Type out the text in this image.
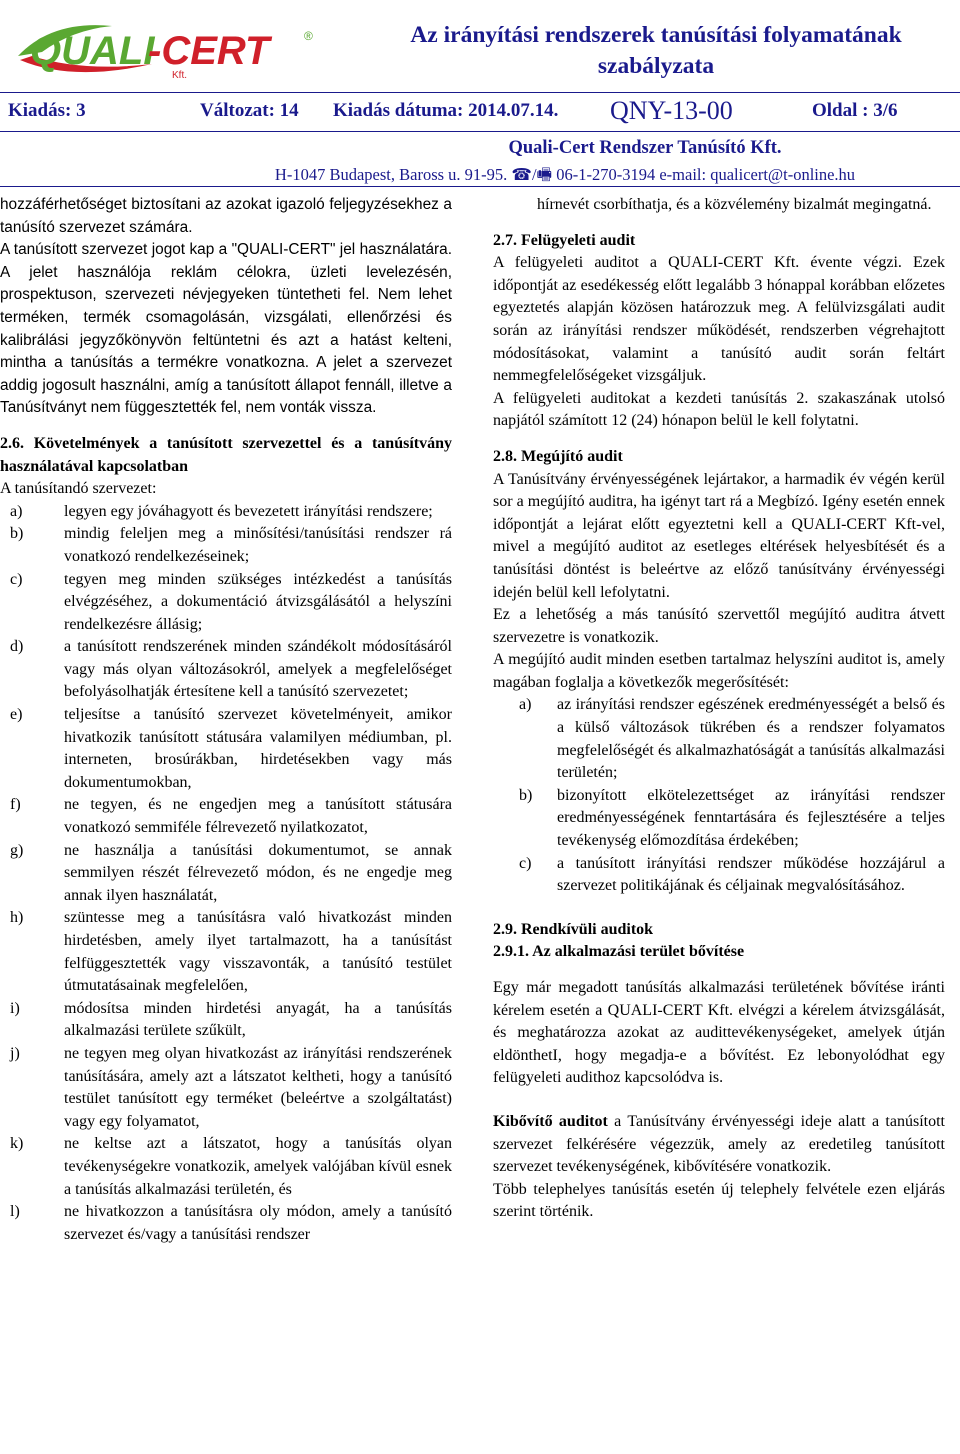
QUALI
-CERT	®
Kft.
Az irányítási rendszerek tanúsítási folyamatának szabályzata
Kiadás: 3	Változat: 14 Kiadás dátuma: 2014.07.14. QNY-13-00	Oldal : 3/6
Quali-Cert Rendszer Tanúsító Kft.
H-1047 Budapest, Baross u. 91-95. ☎/🖷 06-1-270-3194 e-mail: qualicert@t-online.hu

hozzáférhetőséget biztosítani az azokat igazoló feljegyzésekhez a tanúsító szervezet számára.

A tanúsított szervezet jogot kap a "QUALI-CERT" jel használatára. A jelet használója reklám célokra, üzleti levelezésén, prospektuson, szervezeti névjegyeken tüntetheti fel. Nem lehet terméken, termék csomagolásán, vizsgálati, ellenőrzési és kalibrálási jegyzőkönyvön feltüntetni és azt a hatást kelteni, mintha a tanúsítás a termékre vonatkozna. A jelet a szervezet addig jogosult használni, amíg a tanúsított állapot fennáll, illetve a Tanúsítványt nem függesztették fel, nem vonták vissza.

2.6. Követelmények a tanúsított szervezettel és a tanúsítvány használatával kapcsolatban

A tanúsítandó szervezet:

a)	legyen egy jóváhagyott és bevezetett irányítási rendszere;
b)	mindig feleljen meg a minősítési/tanúsítási rendszer rá vonatkozó rendelkezéseinek;
c)	tegyen meg minden szükséges intézkedést a tanúsítás elvégzéséhez, a dokumentáció átvizsgálásától a helyszíni rendelkezésre állásig;
d)	a tanúsított rendszerének minden szándékolt módosításáról vagy más olyan változásokról, amelyek a megfelelőséget befolyásolhatják értesítene kell a tanúsító szervezetet;
e)	teljesítse a tanúsító szervezet követelményeit, amikor hivatkozik tanúsított státusára valamilyen médiumban, pl. interneten, brosúrákban, hirdetésekben vagy más dokumentumokban,
f)	ne tegyen, és ne engedjen meg a tanúsított státusára vonatkozó semmiféle félrevezető nyilatkozatot,
g)	ne használja a tanúsítási dokumentumot, se annak semmilyen részét félrevezető módon, és ne engedje meg annak ilyen használatát,
h)	szüntesse meg a tanúsításra való hivatkozást minden hirdetésben, amely ilyet tartalmazott, ha a tanúsítást felfüggesztették vagy visszavonták, a tanúsító testület útmutatásainak megfelelően,
i)	módosítsa minden hirdetési anyagát, ha a tanúsítás alkalmazási területe szűkült,
j)	ne tegyen meg olyan hivatkozást az irányítási rendszerének tanúsítására, amely azt a látszatot keltheti, hogy a tanúsító testület tanúsított egy terméket (beleértve a szolgáltatást) vagy egy folyamatot,
k)	ne keltse azt a látszatot, hogy a tanúsítás olyan tevékenységekre vonatkozik, amelyek valójában kívül esnek a tanúsítás alkalmazási területén, és
l)	ne hivatkozzon a tanúsításra oly módon, amely a tanúsító szervezet és/vagy a tanúsítási rendszer

hírnevét csorbíthatja, és a közvélemény bizalmát megingatná.

2.7. Felügyeleti audit

A felügyeleti auditot a QUALI-CERT Kft. évente végzi. Ezek időpontját az esedékesség előtt legalább 3 hónappal korábban előzetes egyeztetés alapján közösen határozzuk meg. A felülvizsgálati audit során az irányítási rendszer működését, rendszerben végrehajtott módosításokat, valamint a tanúsító audit során feltárt nemmegfelelőségeket vizsgáljuk.

A felügyeleti auditokat a kezdeti tanúsítás 2. szakaszának utolsó napjától számított 12 (24) hónapon belül le kell folytatni.

2.8. Megújító audit

A Tanúsítvány érvényességének lejártakor, a harmadik év végén kerül sor a megújító auditra, ha igényt tart rá a Megbízó. Igény esetén ennek időpontját a lejárat előtt egyeztetni kell a QUALI-CERT Kft-vel, mivel a megújító auditot az esetleges eltérések helyesbítését és a tanúsítási döntést is beleértve az előző tanúsítvány érvényességi idején belül kell lefolytatni.

Ez a lehetőség a más tanúsító szervettől megújító auditra átvett szervezetre is vonatkozik.

A megújító audit minden esetben tartalmaz helyszíni auditot is, amely magában foglalja a következők megerősítését:

a)	az irányítási rendszer egészének eredményességét a belső és a külső változások tükrében és a rendszer folyamatos megfelelőségét és alkalmazhatóságát a tanúsítás alkalmazási területén;
b)	bizonyított elkötelezettséget az irányítási rendszer eredményességének fenntartására és fejlesztésére a teljes tevékenység előmozdítása érdekében;
c)	a tanúsított irányítási rendszer működése hozzájárul a szervezet politikájának és céljainak megvalósításához.

2.9. Rendkívüli auditok

2.9.1. Az alkalmazási terület bővítése

Egy már megadott tanúsítás alkalmazási területének bővítése iránti kérelem esetén a QUALI-CERT Kft. elvégzi a kérelem átvizsgálását, és meghatározza azokat az audittevékenységeket, amelyek útján eldönthetI, hogy megadja-e a bővítést. Ez lebonyolódhat egy felügyeleti audithoz kapcsolódva is.

Kibővítő auditot a Tanúsítvány érvényességi ideje alatt a tanúsított szervezet felkérésére végezzük, amely az eredetileg tanúsított szervezet tevékenységének, kibővítésére vonatkozik.

Több telephelyes tanúsítás esetén új telephely felvétele ezen eljárás szerint történik.
